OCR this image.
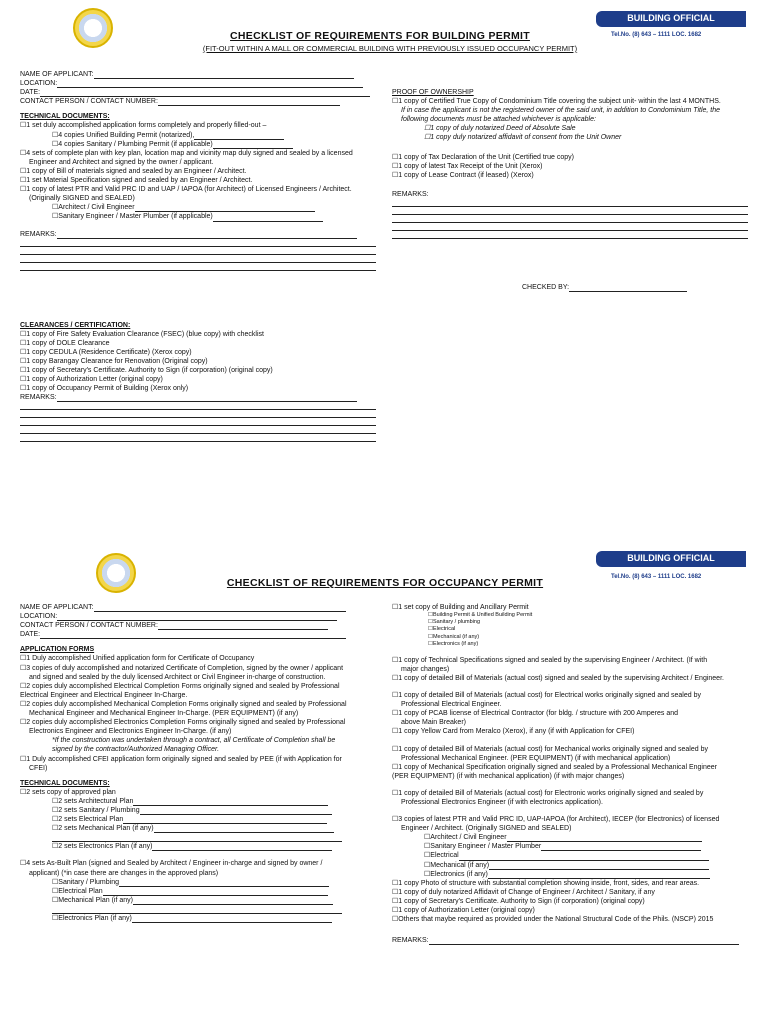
BUILDING OFFICIAL
Tel.No. (8) 643 – 1111 LOC. 1682
CHECKLIST OF REQUIREMENTS FOR BUILDING PERMIT
(FIT-OUT WITHIN A MALL OR COMMERCIAL BUILDING WITH PREVIOUSLY ISSUED OCCUPANCY PERMIT)
NAME OF APPLICANT:
LOCATION:
DATE:
CONTACT PERSON / CONTACT NUMBER:
TECHNICAL DOCUMENTS:
☐ 1 set duly accomplished application forms completely and properly filled-out –
☐ 4 copies Unified Building Permit (notarized),
☐ 4 copies Sanitary / Plumbing Permit (if applicable)
☐ 4 sets of complete plan with key plan, location map and vicinity map duly signed and sealed by a licensed
Engineer and Architect and signed by the owner / applicant.
☐ 1 copy of Bill of materials signed and sealed by an Engineer / Architect.
☐ 1 set Material Specification signed and sealed by an Engineer / Architect.
☐ 1 copy of latest PTR and Valid PRC ID and UAP / IAPOA (for Architect) of Licensed Engineers / Architect.
(Originally SIGNED and SEALED)
☐ Architect / Civil Engineer
☐ Sanitary Engineer / Master Plumber (if applicable)
REMARKS:
CLEARANCES / CERTIFICATION:
☐ 1 copy of Fire Safety Evaluation Clearance (FSEC) (blue copy) with checklist
☐ 1 copy of DOLE Clearance
☐ 1 copy CEDULA (Residence Certificate) (Xerox copy)
☐ 1 copy Barangay Clearance for Renovation (Original copy)
☐ 1 copy of Secretary's Certificate. Authority to Sign (if corporation) (original copy)
☐ 1 copy of Authorization Letter (original copy)
☐ 1 copy of Occupancy Permit of Building (Xerox only)
REMARKS:
PROOF OF OWNERSHIP
☐ 1 copy of Certified True Copy of Condominium Title covering the subject unit- within the last 4 MONTHS.
If in case the applicant is not the registered owner of the said unit, in addition to Condominium Title, the
following documents must be attached whichever is applicable:
☐ 1 copy of duly notarized Deed of Absolute Sale
☐ 1 copy duly notarized affidavit of consent from the Unit Owner
☐ 1 copy of Tax Declaration of the Unit (Certified true copy)
☐ 1 copy of latest Tax Receipt of the Unit (Xerox)
☐ 1 copy of Lease Contract (if leased) (Xerox)
REMARKS:
CHECKED BY:
BUILDING OFFICIAL
Tel.No. (8) 643 – 1111 LOC. 1682
CHECKLIST OF REQUIREMENTS FOR OCCUPANCY PERMIT
NAME OF APPLICANT:
LOCATION:
CONTACT PERSON / CONTACT NUMBER:
DATE:
APPLICATION FORMS
☐ 1 Duly accomplished Unified application form for Certificate of Occupancy
☐ 3 copies of duly accomplished and notarized Certificate of Completion, signed by the owner / applicant
and signed and sealed by the duly licensed Architect or Civil Engineer in-charge of construction.
☐ 2 copies duly accomplished Electrical Completion Forms originally signed and sealed by Professional
Electrical Engineer and Electrical Engineer In-Charge.
☐ 2 copies duly accomplished Mechanical Completion Forms originally signed and sealed by Professional
Mechanical Engineer and Mechanical Engineer In-Charge. (PER EQUIPMENT) (if any)
☐ 2 copies duly accomplished Electronics Completion Forms originally signed and sealed by Professional
Electronics Engineer and Electronics Engineer In-Charge. (if any)
*If the construction was undertaken through a contract, all Certificate of Completion shall be
signed by the contractor/Authorized Managing Officer.
☐ 1 Duly accomplished CFEI application form originally signed and sealed by PEE (if with Application for
CFEI)
TECHNICAL DOCUMENTS:
☐ 2 sets copy of approved plan
☐ 2 sets Architectural Plan
☐ 2 sets Sanitary / Plumbing
☐ 2 sets Electrical Plan
☐ 2 sets Mechanical Plan (if any)
☐ 2 sets Electronics Plan (if any)
☐ 4 sets As-Built Plan (signed and Sealed by Architect / Engineer in-charge and signed by owner /
applicant) (*in case there are changes in the approved plans)
☐ Sanitary / Plumbing
☐ Electrical Plan
☐ Mechanical Plan (if any)
☐ Electronics Plan (if any)
☐ 1 set copy of Building and Ancillary Permit
☐ Building Permit & Unified Building Permit
☐ Sanitary / plumbing
☐ Electrical
☐ Mechanical (if any)
☐ Electronics (if any)
☐ 1 copy of Technical Specifications signed and sealed by the supervising Engineer / Architect. (If with
major changes)
☐ 1 copy of detailed Bill of Materials (actual cost) signed and sealed by the supervising Architect / Engineer.
☐ 1 copy of detailed Bill of Materials (actual cost) for Electrical works originally signed and sealed by
Professional Electrical Engineer.
☐ 1 copy of PCAB license of Electrical Contractor (for bldg. / structure with 200 Amperes and
above Main Breaker)
☐ 1 copy Yellow Card from Meralco (Xerox), if any (if with Application for CFEI)
☐ 1 copy of detailed Bill of Materials (actual cost) for Mechanical works originally signed and sealed by
Professional Mechanical Engineer. (PER EQUIPMENT) (if with mechanical application)
☐ 1 copy of Mechanical Specification originally signed and sealed by a Professional Mechanical Engineer
(PER EQUIPMENT) (if with mechanical application) (if with major changes)
☐ 1 copy of detailed Bill of Materials (actual cost) for Electronic works originally signed and sealed by
Professional Electronics Engineer (if with electronics application).
☐ 3 copies of latest PTR and Valid PRC ID, UAP-IAPOA (for Architect), IECEP (for Electronics) of licensed
Engineer / Architect. (Originally SIGNED and SEALED)
☐ Architect / Civil Engineer
☐ Sanitary Engineer / Master Plumber
☐ Electrical
☐ Mechanical (if any)
☐ Electronics (if any)
☐ 1 copy Photo of structure with substantial completion showing inside, front, sides, and rear areas.
☐ 1 copy of duly notarized Affidavit of Change of Engineer / Architect / Sanitary, if any
☐ 1 copy of Secretary's Certificate. Authority to Sign (if corporation) (original copy)
☐ 1 copy of Authorization Letter (original copy)
☐ Others that maybe required as provided under the National Structural Code of the Phils. (NSCP) 2015
REMARKS:
